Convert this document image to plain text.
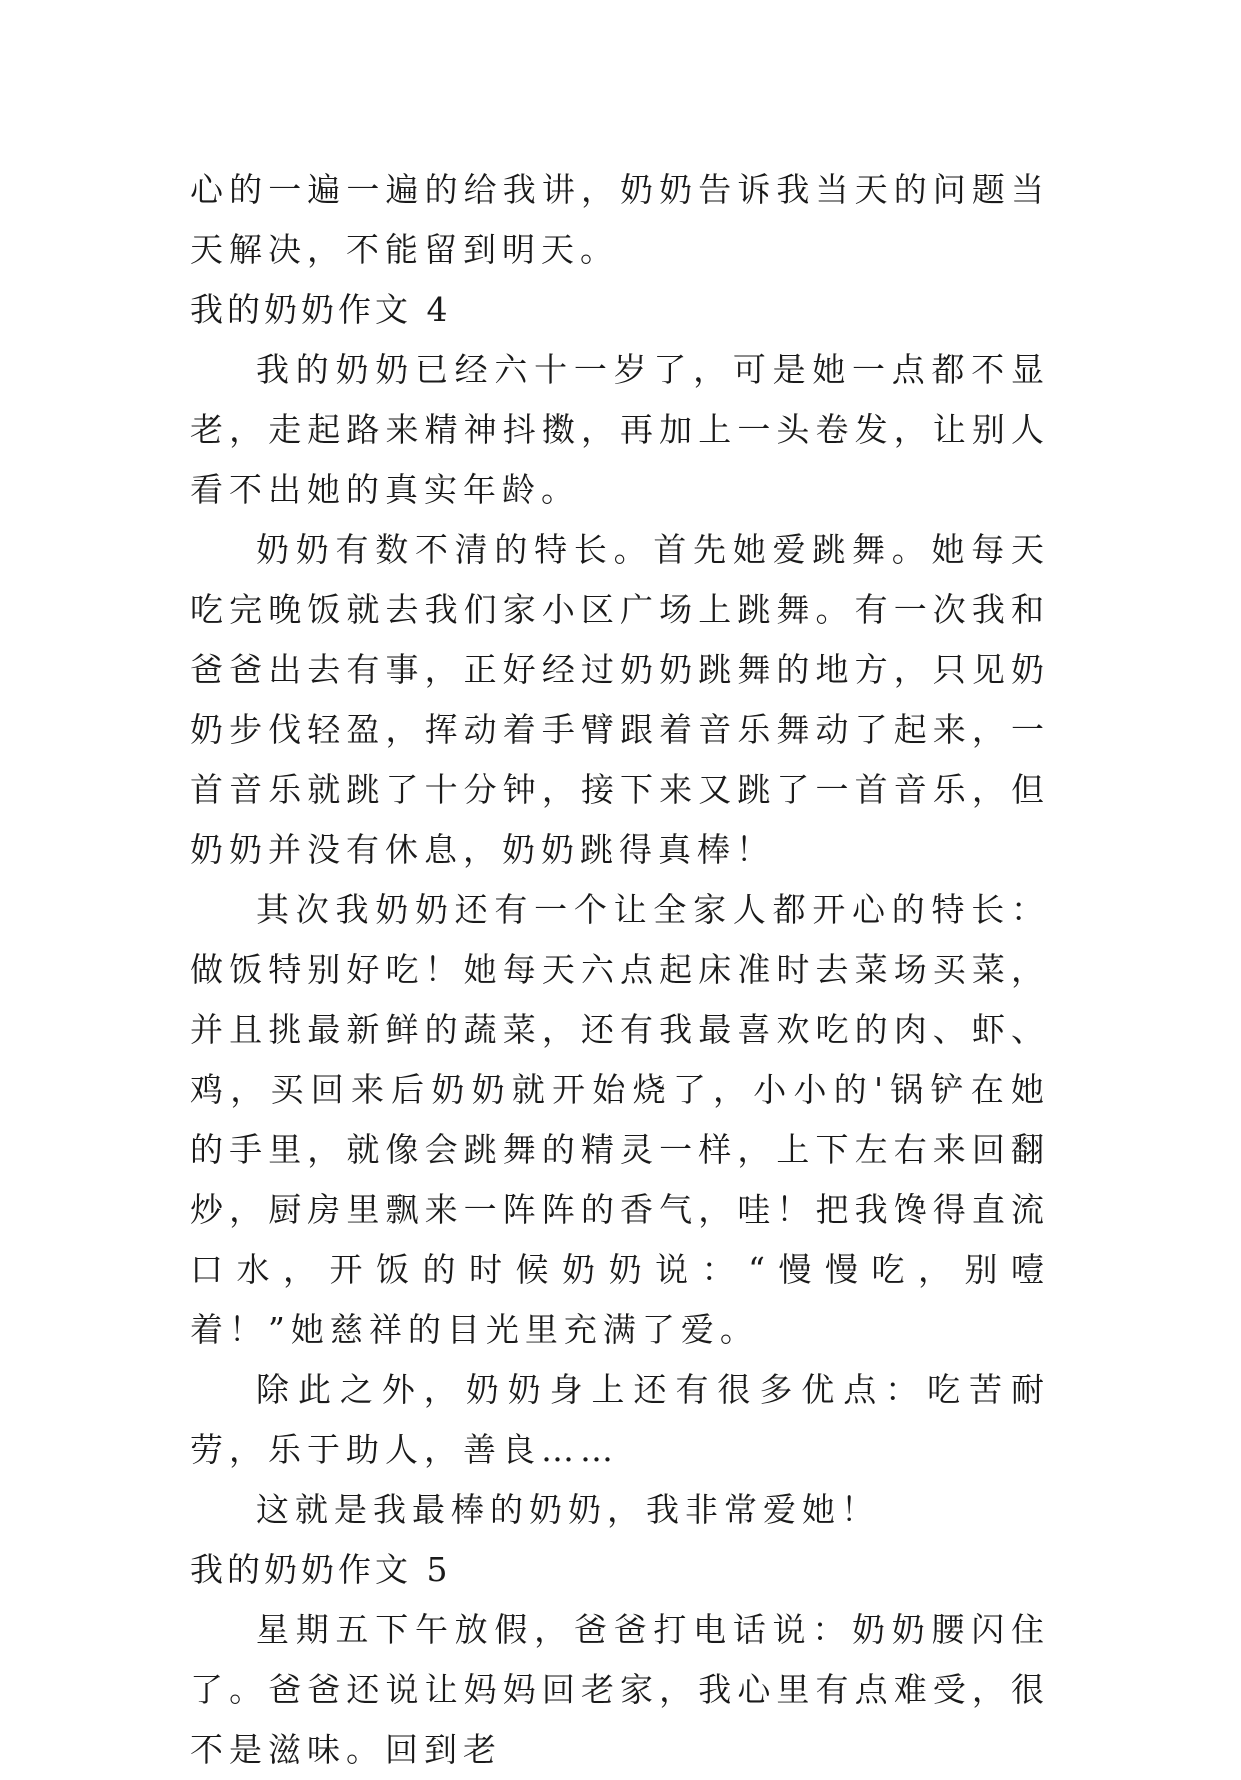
心的一遍一遍的给我讲，奶奶告诉我当天的问题当天解决，不能留到明天。

我的奶奶作文 4

我的奶奶已经六十一岁了，可是她一点都不显老，走起路来精神抖擞，再加上一头卷发，让别人看不出她的真实年龄。

奶奶有数不清的特长。首先她爱跳舞。她每天吃完晚饭就去我们家小区广场上跳舞。有一次我和爸爸出去有事，正好经过奶奶跳舞的地方，只见奶奶步伐轻盈，挥动着手臂跟着音乐舞动了起来，一首音乐就跳了十分钟，接下来又跳了一首音乐，但奶奶并没有休息，奶奶跳得真棒！

其次我奶奶还有一个让全家人都开心的特长：做饭特别好吃！她每天六点起床准时去菜场买菜，并且挑最新鲜的蔬菜，还有我最喜欢吃的肉、虾、鸡，买回来后奶奶就开始烧了，小小的'锅铲在她的手里，就像会跳舞的精灵一样，上下左右来回翻炒，厨房里飘来一阵阵的香气，哇！把我馋得直流口水，开饭的时候奶奶说：“慢慢吃，别噎着！”她慈祥的目光里充满了爱。

除此之外，奶奶身上还有很多优点：吃苦耐劳，乐于助人，善良……

这就是我最棒的奶奶，我非常爱她！

我的奶奶作文 5

星期五下午放假，爸爸打电话说：奶奶腰闪住了。爸爸还说让妈妈回老家，我心里有点难受，很不是滋味。回到老
